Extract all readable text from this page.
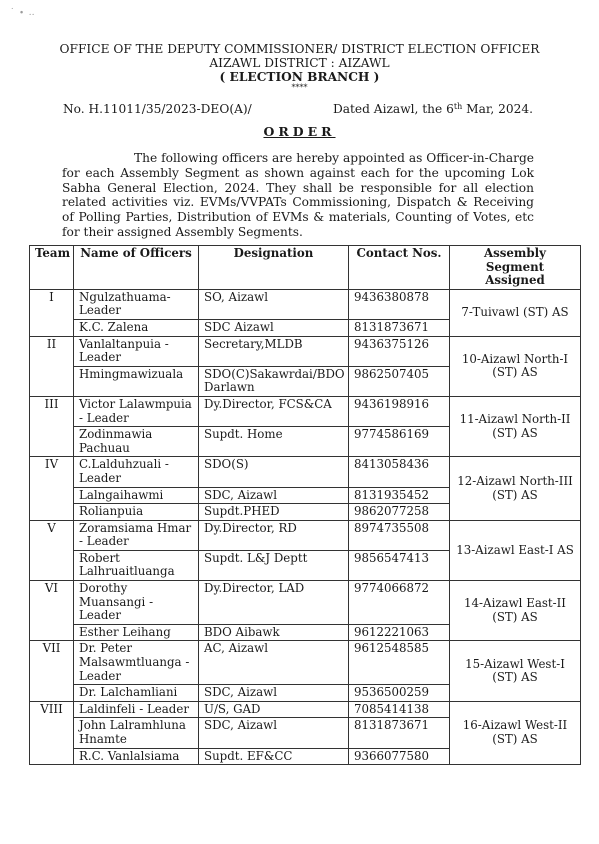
˙ ∙ ‥
OFFICE OF THE DEPUTY COMMISSIONER/ DISTRICT ELECTION OFFICER
AIZAWL DISTRICT : AIZAWL
( ELECTION BRANCH )
****
No. H.11011/35/2023-DEO(A)/	Dated Aizawl, the 6th Mar, 2024.
ORDER
The following officers are hereby appointed as Officer-in-Charge for each Assembly Segment as shown against each for the upcoming Lok Sabha General Election, 2024. They shall be responsible for all election related activities viz. EVMs/VVPATs Commissioning, Dispatch & Receiving of Polling Parties, Distribution of EVMs & materials, Counting of Votes, etc for their assigned Assembly Segments.
Team	Name of Officers	Designation	Contact Nos.	Assembly Segment Assigned
I	Ngulzathuama-Leader	SO, Aizawl	9436380878	7-Tuivawl (ST) AS
	K.C. Zalena	SDC Aizawl	8131873671	
II	Vanlaltanpuia - Leader	Secretary,MLDB	9436375126	10-Aizawl North-I (ST) AS
	Hmingmawizuala	SDO(C)Sakawrdai/BDO Darlawn	9862507405	
III	Victor Lalawmpuia - Leader	Dy.Director, FCS&CA	9436198916	11-Aizawl North-II (ST) AS
	Zodinmawia Pachuau	Supdt. Home	9774586169	
IV	C.Lalduhzuali - Leader	SDO(S)	8413058436	12-Aizawl North-III (ST) AS
	Lalngaihawmi	SDC, Aizawl	8131935452	
	Rolianpuia	Supdt.PHED	9862077258	
V	Zoramsiama Hmar - Leader	Dy.Director, RD	8974735508	13-Aizawl East-I AS
	Robert Lalhruaitluanga	Supdt. L&J Deptt	9856547413	
VI	Dorothy Muansangi - Leader	Dy.Director, LAD	9774066872	14-Aizawl East-II (ST) AS
	Esther Leihang	BDO Aibawk	9612221063	
VII	Dr. Peter Malsawmtluanga - Leader	AC, Aizawl	9612548585	15-Aizawl West-I (ST) AS
	Dr. Lalchamliani	SDC, Aizawl	9536500259	
VIII	Laldinfeli - Leader	U/S, GAD	7085414138	16-Aizawl West-II (ST) AS
	John Lalramhluna Hnamte	SDC, Aizawl	8131873671	
	R.C. Vanlalsiama	Supdt. EF&CC	9366077580	
